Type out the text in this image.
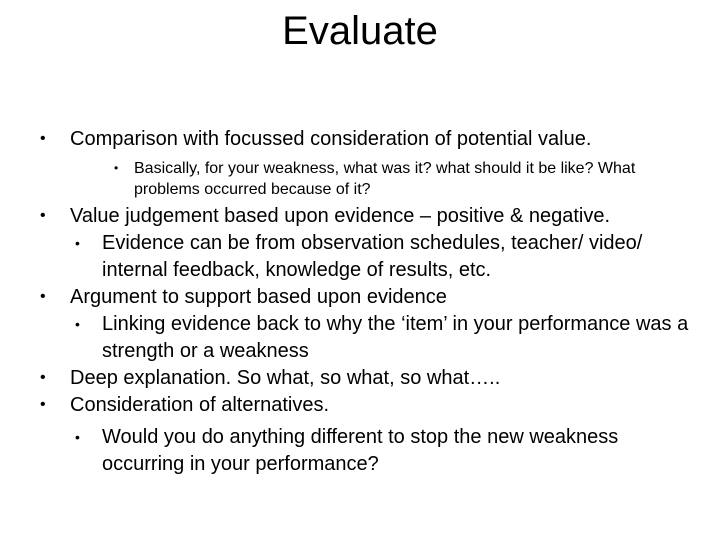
Evaluate
•	Comparison with focussed consideration of potential value.
• Basically, for your weakness, what was it? what should it be like? What problems occurred because of it?
•	Value judgement based upon evidence – positive & negative.
•	Evidence can be from observation schedules, teacher/ video/ internal feedback, knowledge of results, etc.
•	Argument to support based upon evidence
•	Linking evidence back to why the ‘item’ in your performance was a strength or a weakness
•	Deep explanation. So what, so what, so what…..
•	Consideration of alternatives.
•	Would you do anything different to stop the new weakness occurring in your performance?
